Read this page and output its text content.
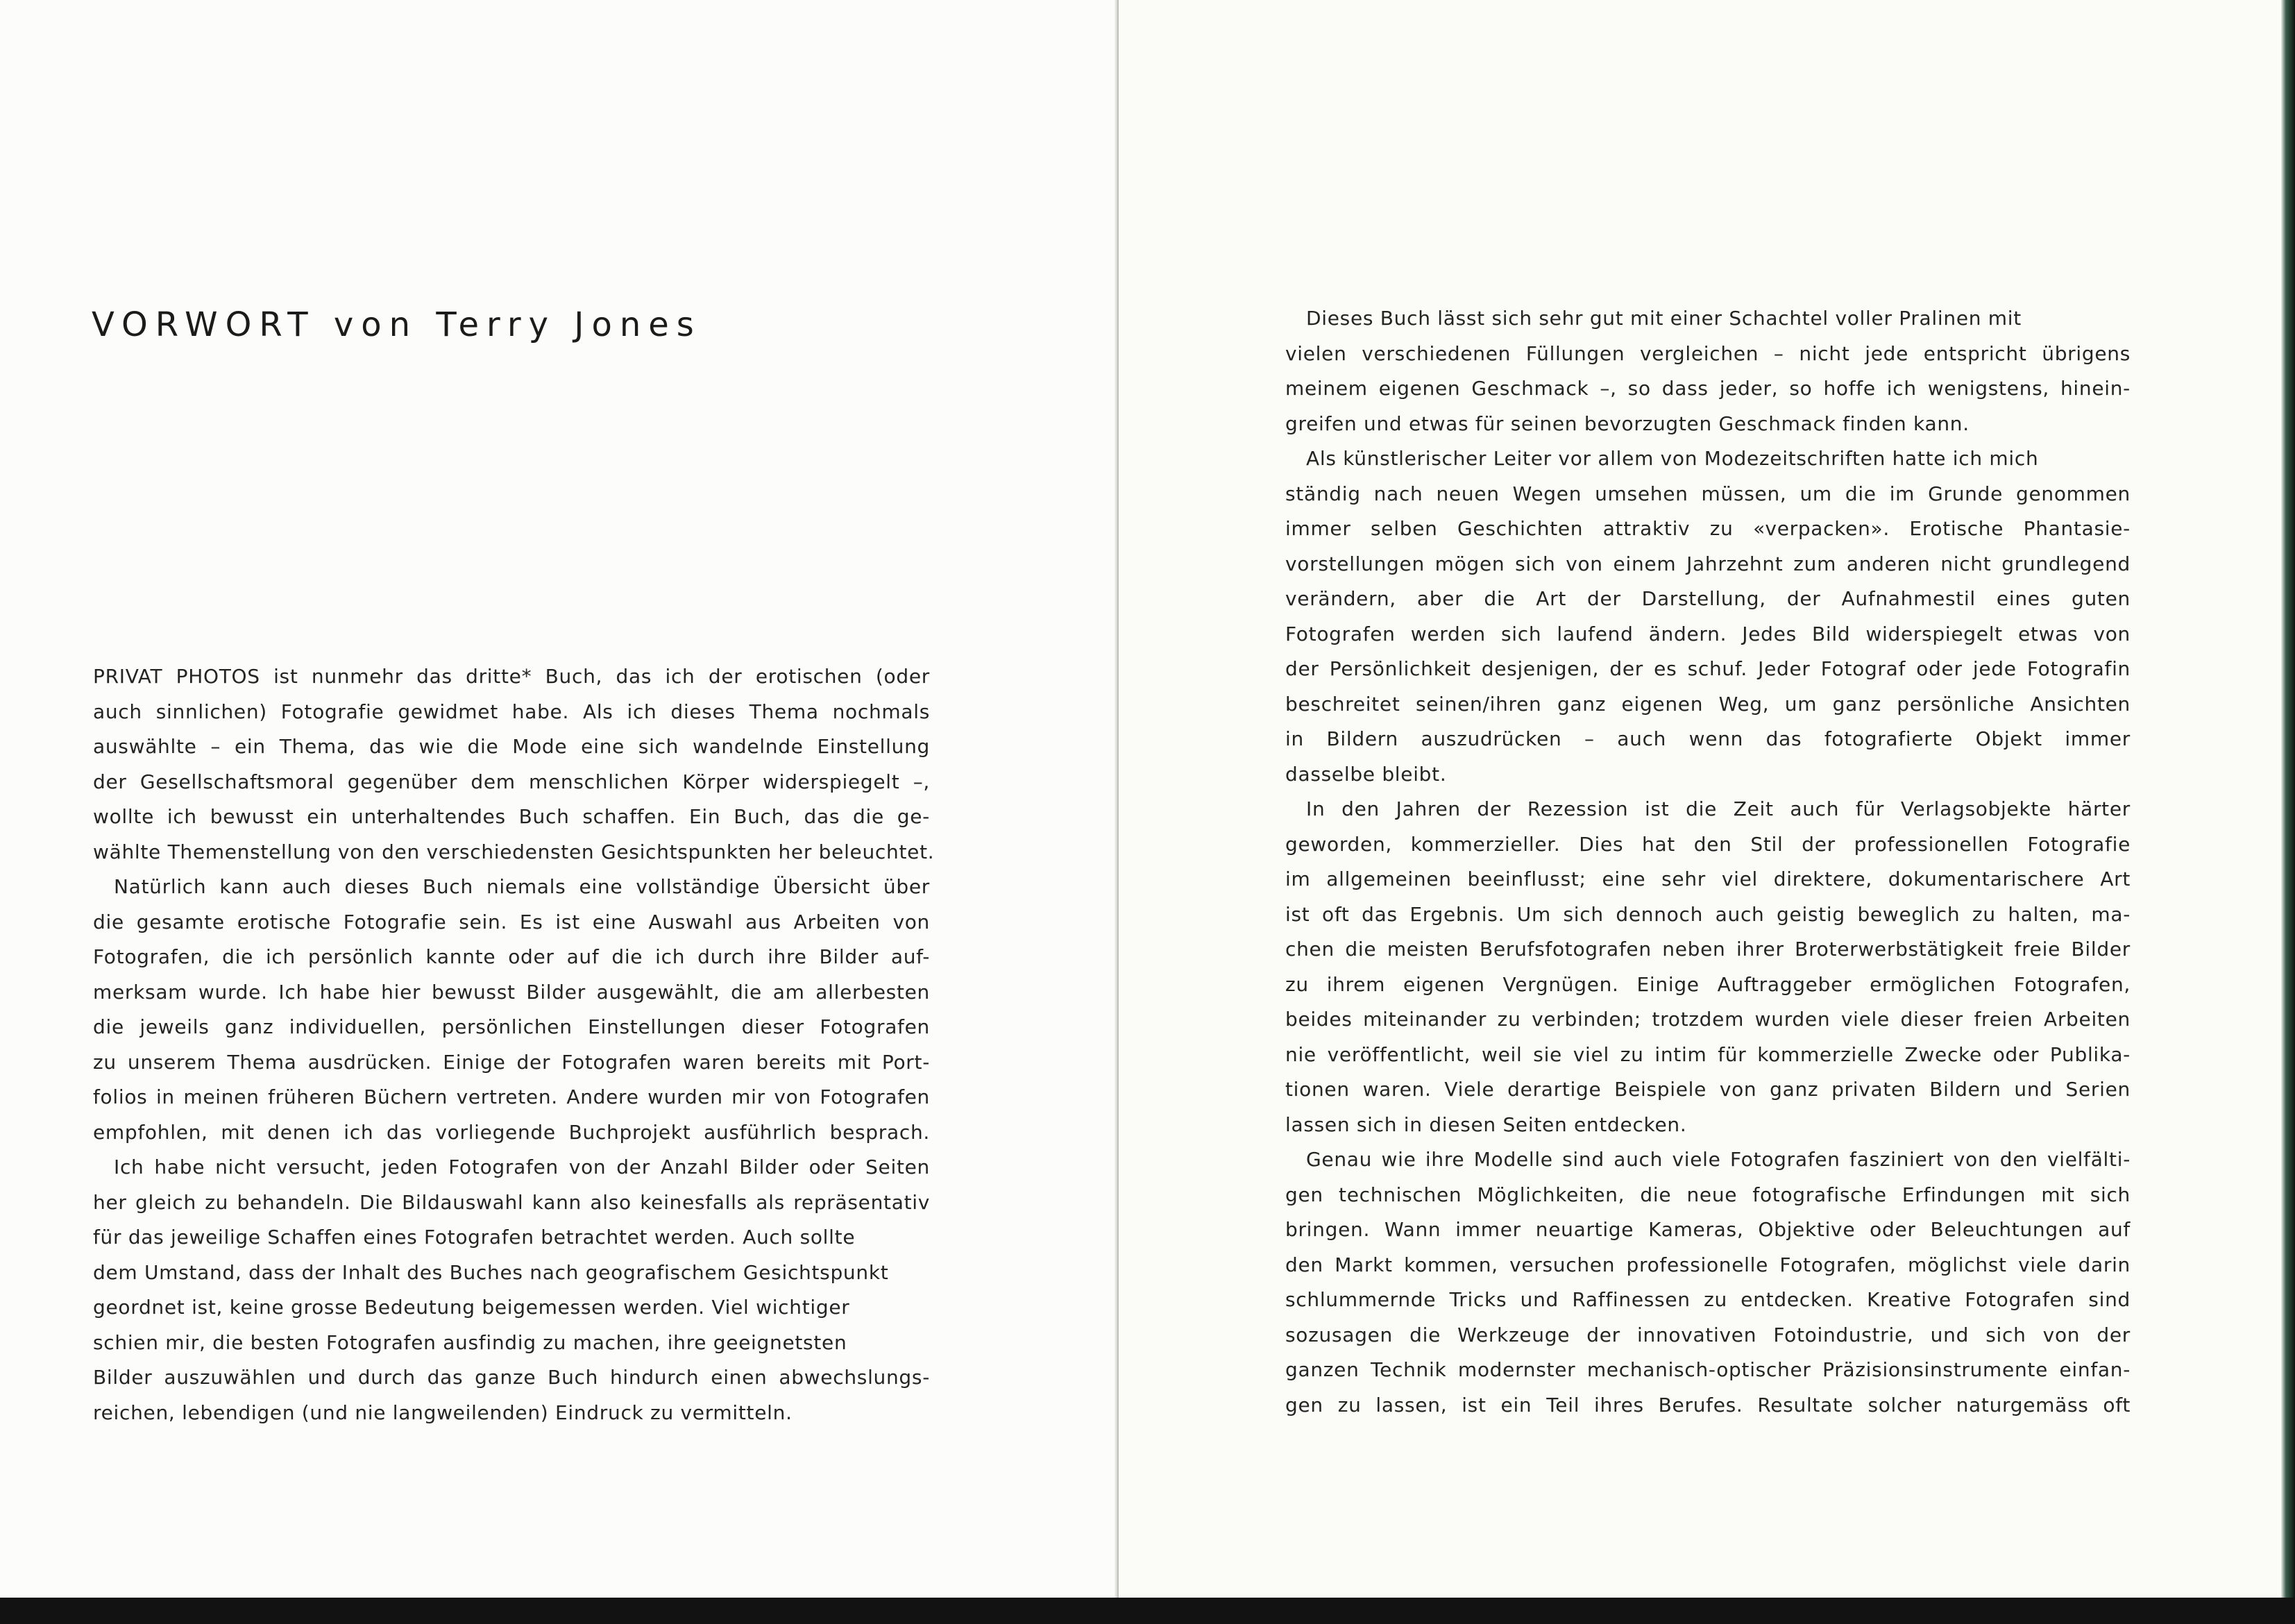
VORWORT von Terry Jones

PRIVAT PHOTOS ist nunmehr das dritte* Buch, das ich der erotischen (oder
auch sinnlichen) Fotografie gewidmet habe. Als ich dieses Thema nochmals
auswählte – ein Thema, das wie die Mode eine sich wandelnde Einstellung
der Gesellschaftsmoral gegenüber dem menschlichen Körper widerspiegelt –,
wollte ich bewusst ein unterhaltendes Buch schaffen. Ein Buch, das die ge-
wählte Themenstellung von den verschiedensten Gesichtspunkten her beleuchtet.

Natürlich kann auch dieses Buch niemals eine vollständige Übersicht über
die gesamte erotische Fotografie sein. Es ist eine Auswahl aus Arbeiten von
Fotografen, die ich persönlich kannte oder auf die ich durch ihre Bilder auf-
merksam wurde. Ich habe hier bewusst Bilder ausgewählt, die am allerbesten
die jeweils ganz individuellen, persönlichen Einstellungen dieser Fotografen
zu unserem Thema ausdrücken. Einige der Fotografen waren bereits mit Port-
folios in meinen früheren Büchern vertreten. Andere wurden mir von Fotografen
empfohlen, mit denen ich das vorliegende Buchprojekt ausführlich besprach.

Ich habe nicht versucht, jeden Fotografen von der Anzahl Bilder oder Seiten
her gleich zu behandeln. Die Bildauswahl kann also keinesfalls als repräsentativ
für das jeweilige Schaffen eines Fotografen betrachtet werden. Auch sollte
dem Umstand, dass der Inhalt des Buches nach geografischem Gesichtspunkt
geordnet ist, keine grosse Bedeutung beigemessen werden. Viel wichtiger
schien mir, die besten Fotografen ausfindig zu machen, ihre geeignetsten
Bilder auszuwählen und durch das ganze Buch hindurch einen abwechslungs-
reichen, lebendigen (und nie langweilenden) Eindruck zu vermitteln.

Dieses Buch lässt sich sehr gut mit einer Schachtel voller Pralinen mit
vielen verschiedenen Füllungen vergleichen – nicht jede entspricht übrigens
meinem eigenen Geschmack –, so dass jeder, so hoffe ich wenigstens, hinein-
greifen und etwas für seinen bevorzugten Geschmack finden kann.

Als künstlerischer Leiter vor allem von Modezeitschriften hatte ich mich
ständig nach neuen Wegen umsehen müssen, um die im Grunde genommen
immer selben Geschichten attraktiv zu «verpacken». Erotische Phantasie-
vorstellungen mögen sich von einem Jahrzehnt zum anderen nicht grundlegend
verändern, aber die Art der Darstellung, der Aufnahmestil eines guten
Fotografen werden sich laufend ändern. Jedes Bild widerspiegelt etwas von
der Persönlichkeit desjenigen, der es schuf. Jeder Fotograf oder jede Fotografin
beschreitet seinen/ihren ganz eigenen Weg, um ganz persönliche Ansichten
in Bildern auszudrücken – auch wenn das fotografierte Objekt immer
dasselbe bleibt.

In den Jahren der Rezession ist die Zeit auch für Verlagsobjekte härter
geworden, kommerzieller. Dies hat den Stil der professionellen Fotografie
im allgemeinen beeinflusst; eine sehr viel direktere, dokumentarischere Art
ist oft das Ergebnis. Um sich dennoch auch geistig beweglich zu halten, ma-
chen die meisten Berufsfotografen neben ihrer Broterwerbstätigkeit freie Bilder
zu ihrem eigenen Vergnügen. Einige Auftraggeber ermöglichen Fotografen,
beides miteinander zu verbinden; trotzdem wurden viele dieser freien Arbeiten
nie veröffentlicht, weil sie viel zu intim für kommerzielle Zwecke oder Publika-
tionen waren. Viele derartige Beispiele von ganz privaten Bildern und Serien
lassen sich in diesen Seiten entdecken.

Genau wie ihre Modelle sind auch viele Fotografen fasziniert von den vielfälti-
gen technischen Möglichkeiten, die neue fotografische Erfindungen mit sich
bringen. Wann immer neuartige Kameras, Objektive oder Beleuchtungen auf
den Markt kommen, versuchen professionelle Fotografen, möglichst viele darin
schlummernde Tricks und Raffinessen zu entdecken. Kreative Fotografen sind
sozusagen die Werkzeuge der innovativen Fotoindustrie, und sich von der
ganzen Technik modernster mechanisch-optischer Präzisionsinstrumente einfan-
gen zu lassen, ist ein Teil ihres Berufes. Resultate solcher naturgemäss oft
